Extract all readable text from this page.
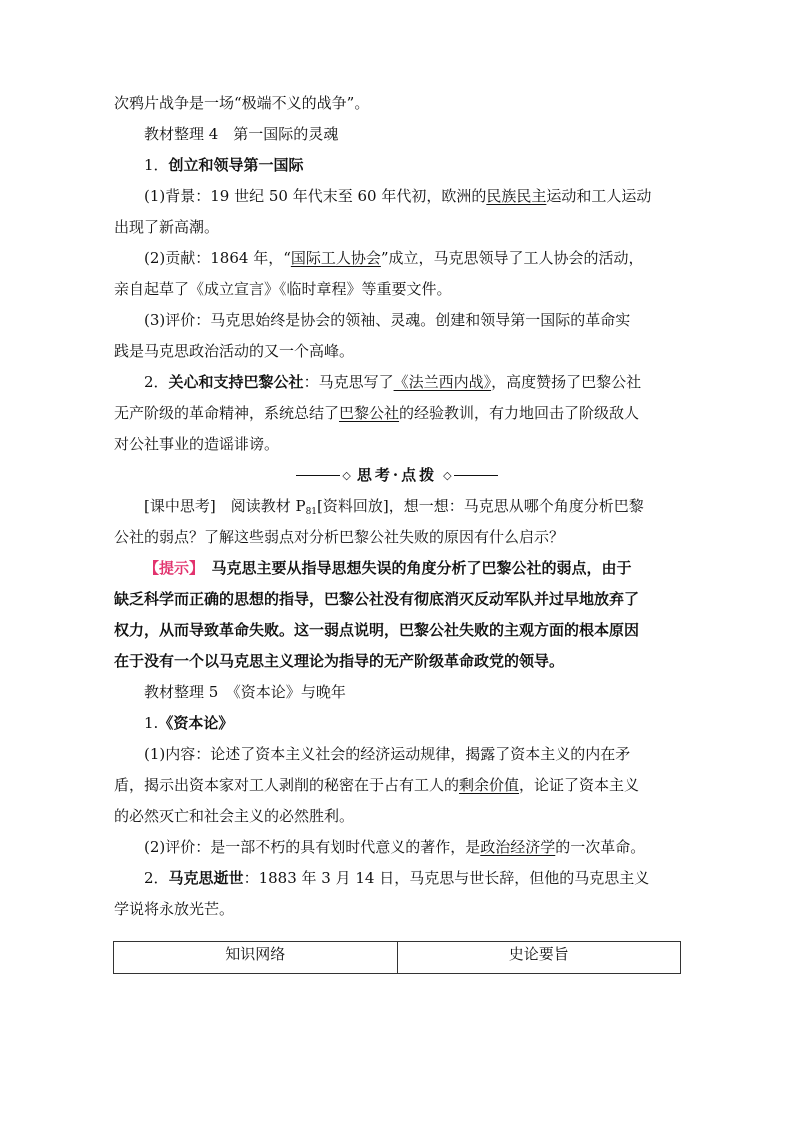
次鸦片战争是一场“极端不义的战争”。
教材整理 4　第一国际的灵魂
1．创立和领导第一国际
(1)背景：19 世纪 50 年代末至 60 年代初，欧洲的民族民主运动和工人运动
出现了新高潮。
(2)贡献：1864 年，“国际工人协会”成立，马克思领导了工人协会的活动，
亲自起草了《成立宣言》《临时章程》等重要文件。
(3)评价：马克思始终是协会的领袖、灵魂。创建和领导第一国际的革命实
践是马克思政治活动的又一个高峰。
2．关心和支持巴黎公社：马克思写了《法兰西内战》，高度赞扬了巴黎公社
无产阶级的革命精神，系统总结了巴黎公社的经验教训，有力地回击了阶级敌人
对公社事业的造谣诽谤。
◇ 思考·点拨 ◇
[课中思考]　阅读教材 $P_{81}$[资料回放]，想一想：马克思从哪个角度分析巴黎
公社的弱点？了解这些弱点对分析巴黎公社失败的原因有什么启示？
【提示】　马克思主要从指导思想失误的角度分析了巴黎公社的弱点，由于
缺乏科学而正确的思想的指导，巴黎公社没有彻底消灭反动军队并过早地放弃了
权力，从而导致革命失败。这一弱点说明，巴黎公社失败的主观方面的根本原因
在于没有一个以马克思主义理论为指导的无产阶级革命政党的领导。
教材整理 5　《资本论》与晚年
1.《资本论》
(1)内容：论述了资本主义社会的经济运动规律，揭露了资本主义的内在矛
盾，揭示出资本家对工人剥削的秘密在于占有工人的剩余价值，论证了资本主义
的必然灭亡和社会主义的必然胜利。
(2)评价：是一部不朽的具有划时代意义的著作，是政治经济学的一次革命。
2．马克思逝世：1883 年 3 月 14 日，马克思与世长辞，但他的马克思主义
学说将永放光芒。
知识网络	史论要旨
